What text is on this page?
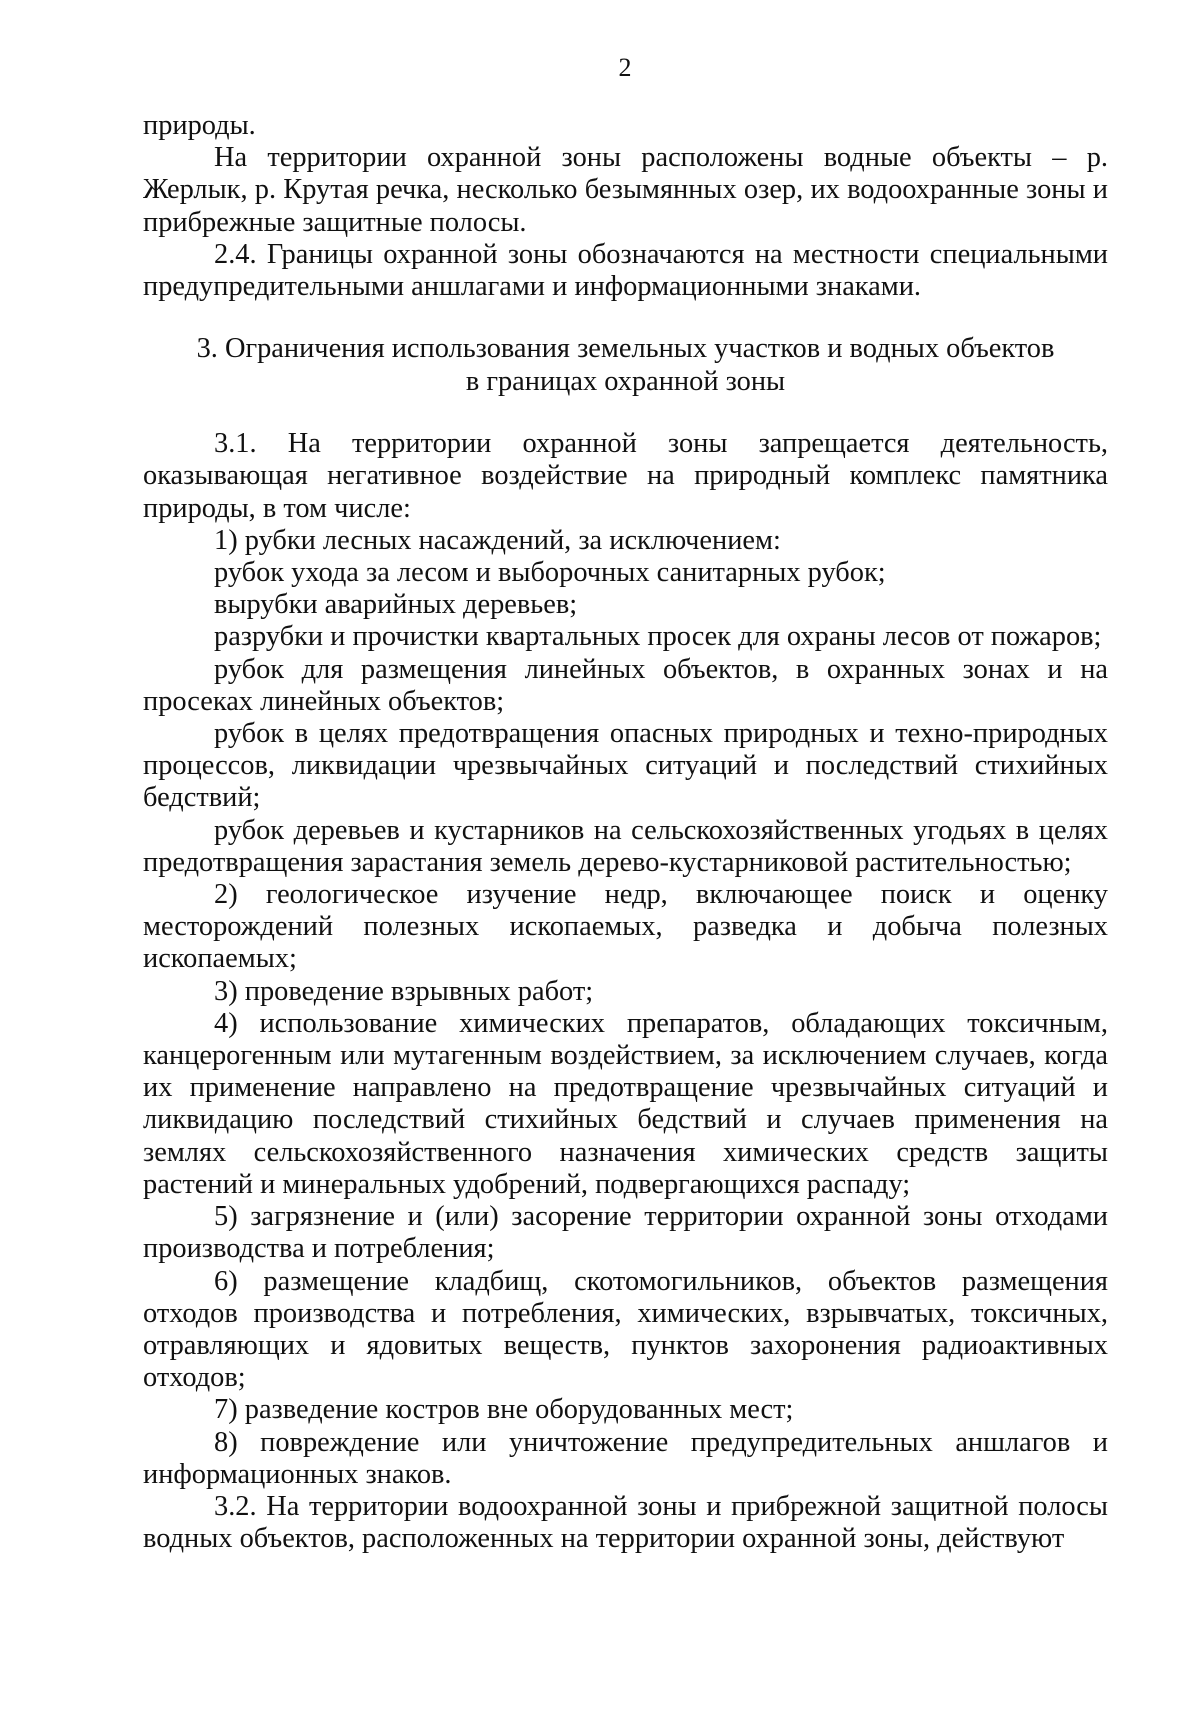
2

природы.

На территории охранной зоны расположены водные объекты – р. Жерлык, р. Крутая речка, несколько безымянных озер, их водоохранные зоны и прибрежные защитные полосы.

2.4. Границы охранной зоны обозначаются на местности специальными предупредительными аншлагами и информационными знаками.

3. Ограничения использования земельных участков и водных объектов
в границах охранной зоны

3.1. На территории охранной зоны запрещается деятельность, оказывающая негативное воздействие на природный комплекс памятника природы, в том числе:

1) рубки лесных насаждений, за исключением:

рубок ухода за лесом и выборочных санитарных рубок;

вырубки аварийных деревьев;

разрубки и прочистки квартальных просек для охраны лесов от пожаров;

рубок для размещения линейных объектов, в охранных зонах и на просеках линейных объектов;

рубок в целях предотвращения опасных природных и техно-природных процессов, ликвидации чрезвычайных ситуаций и последствий стихийных бедствий;

рубок деревьев и кустарников на сельскохозяйственных угодьях в целях предотвращения зарастания земель дерево-кустарниковой растительностью;

2) геологическое изучение недр, включающее поиск и оценку месторождений полезных ископаемых, разведка и добыча полезных ископаемых;

3) проведение взрывных работ;

4) использование химических препаратов, обладающих токсичным, канцерогенным или мутагенным воздействием, за исключением случаев, когда их применение направлено на предотвращение чрезвычайных ситуаций и ликвидацию последствий стихийных бедствий и случаев применения на землях сельскохозяйственного назначения химических средств защиты растений и минеральных удобрений, подвергающихся распаду;

5) загрязнение и (или) засорение территории охранной зоны отходами производства и потребления;

6) размещение кладбищ, скотомогильников, объектов размещения отходов производства и потребления, химических, взрывчатых, токсичных, отравляющих и ядовитых веществ, пунктов захоронения радиоактивных отходов;

7) разведение костров вне оборудованных мест;

8) повреждение или уничтожение предупредительных аншлагов и информационных знаков.

3.2. На территории водоохранной зоны и прибрежной защитной полосы водных объектов, расположенных на территории охранной зоны, действуют
